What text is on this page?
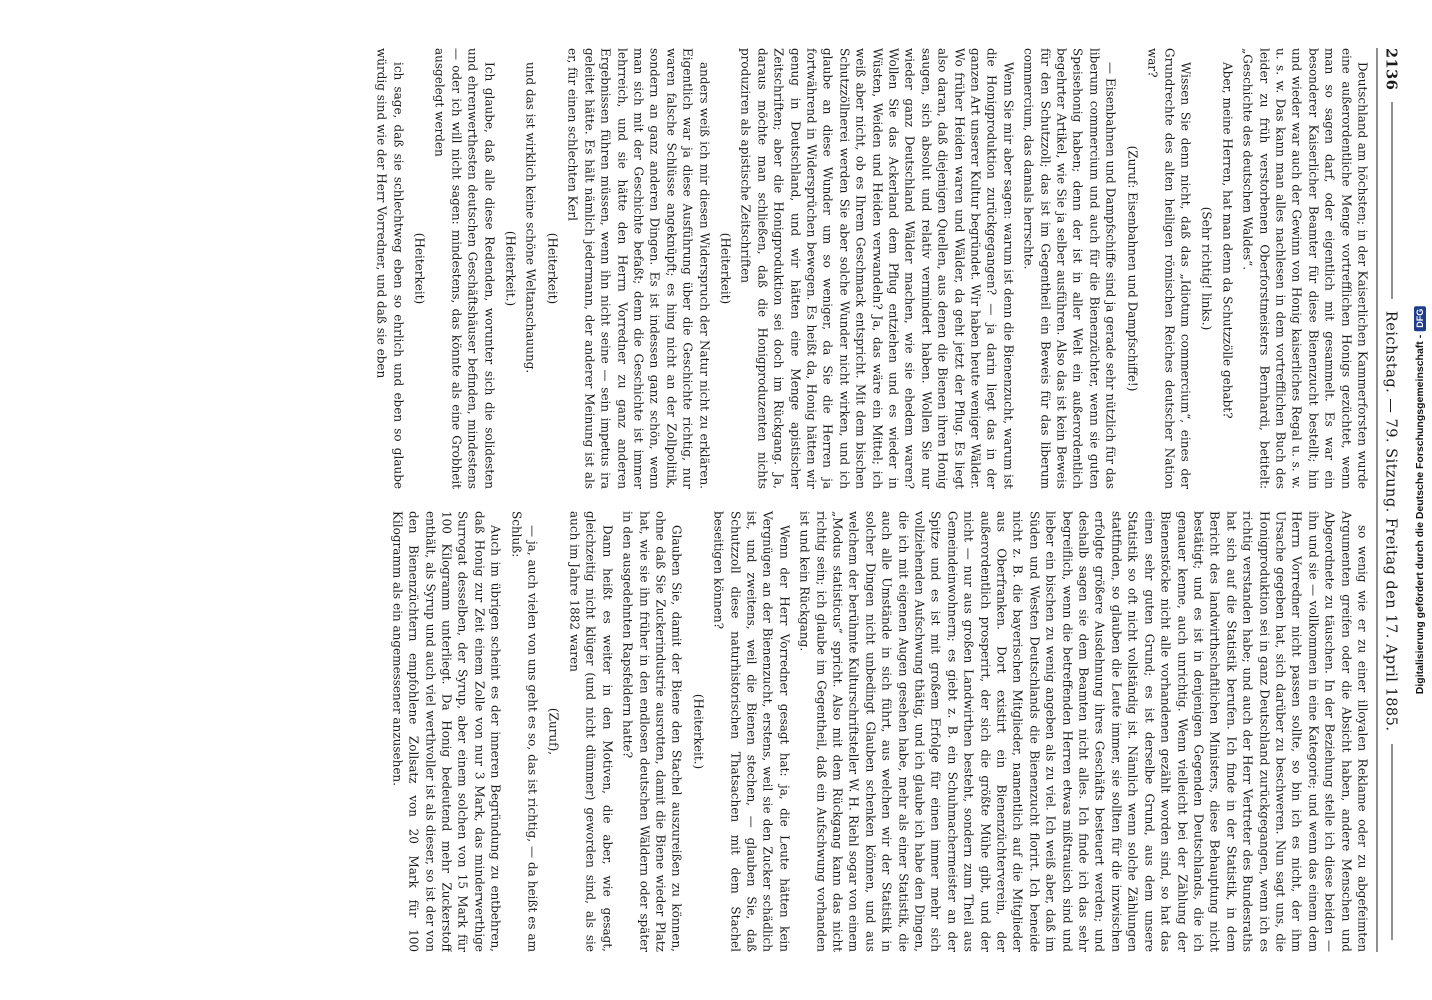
2136
Reichstag. — 79. Sitzung. Freitag den 17. April 1885.

Deutschland am höchsten; in der Kaiserlichen Kammerforsten wurde eine außerordentliche Menge vortrefflichen Honigs gezüchtet, wenn man so sagen darf, oder eigentlich mit gesammelt. Es war ein besonderer Kaiserlicher Beamter für diese Bienenzucht bestellt; hin und wieder war auch der Gewinn von Honig kaiserliches Regal u. s. w. u. s. w. Das kann man alles nachlesen in dem vortrefflichen Buch des leider zu früh verstorbenen Oberforstmeisters Bernhardi, betitelt: „Geschichte des deutschen Waldes“.

Aber, meine Herren, hat man denn da Schutzzölle gehabt?

(Sehr richtig! links.)

Wissen Sie denn nicht, daß das „Idiotum commercium“, eines der Grundrechte des alten heiligen römischen Reiches deutscher Nation war?

(Zuruf: Eisenbahnen und Dampfschiffe!)

— Eisenbahnen und Dampfschiffe sind ja gerade sehr nützlich für das liberum commercium und auch für die Bienenzüchter, wenn sie guten Speisehonig haben; denn der ist in aller Welt ein außerordentlich begehrter Artikel, wie Sie ja selber ausführen. Also das ist kein Beweis für den Schutzzoll; das ist im Gegentheil ein Beweis für das liberum commercium, das damals herrschte.

Wenn Sie mir aber sagen: warum ist denn die Bienenzucht, warum ist die Honigproduktion zurückgegangen? — ja darin liegt das in der ganzen Art unserer Kultur begründet. Wir haben heute weniger Wälder. Wo früher Heiden waren und Wälder, da geht jetzt der Pflug. Es liegt also daran, daß diejenigen Quellen, aus denen die Bienen ihren Honig saugen, sich absolut und relativ vermindert haben. Wollen Sie nur wieder ganz Deutschland Wälder machen, wie sie ehedem waren? Wollen Sie das Ackerland dem Pflug entziehen und es wieder in Wüsten, Weiden und Heiden verwandeln? Ja, das wäre ein Mittel; ich weiß aber nicht, ob es Ihrem Geschmack entspricht. Mit dem bischen Schutzzöllnerei werden Sie aber solche Wunder nicht wirken, und ich glaube an diese Wunder um so weniger, da Sie die Herren ja fortwährend in Widersprüchen bewegen. Es heißt da, Honig hätten wir genug in Deutschland, und wir hätten eine Menge apistischer Zeitschriften; aber die Honigproduktion sei doch im Rückgang. Ja, daraus möchte man schließen, daß die Honigproduzenten nichts produziren als apistische Zeitschriften

(Heiterkeit)

anders weiß ich mir diesen Widerspruch der Natur nicht zu erklären. Eigentlich war ja diese Ausführung über die Geschichte richtig, nur waren falsche Schlüsse angeknüpft; es hing nicht an der Zollpolitik, sondern an ganz anderen Dingen. Es ist indessen ganz schön, wenn man sich mit der Geschichte befaßt; denn die Geschichte ist immer lehrreich, und sie hätte den Herrn Vorredner zu ganz anderen Ergebnissen führen müssen, wenn ihn nicht seine — sein impetus ira geleitet hätte. Es hält nämlich jedermann, der anderer Meinung ist als er, für einen schlechten Kerl

(Heiterkeit)

und das ist wirklich keine schöne Weltanschauung.

(Heiterkeit.)

Ich glaube, daß alle diese Redenden, worunter sich die solidesten und ehrenwerthesten deutschen Geschäftshäuser befinden, mindestens — oder ich will nicht sagen: mindestens, das könnte als eine Grobheit ausgelegt werden

(Heiterkeit)

ich sage, daß sie schlechtweg eben so ehrlich und eben so glaube würdig sind wie der Herr Vorredner, und daß sie eben

so wenig wie er zu einer illoyalen Reklame oder zu abgefeimten Argumenten greifen oder die Absicht haben, andere Menschen und Abgeordnete zu täuschen. In der Beziehung stelle ich diese beiden — ihn und sie — vollkommen in eine Kategorie; und wenn das einem dem Herrn Vorredner nicht passen sollte, so bin ich es nicht, der ihm Ursache gegeben hat, sich darüber zu beschweren. Nun sagt uns, die Honigproduktion sei in ganz Deutschland zurückgegangen, wenn ich es richtig verstanden habe; und auch der Herr Vertreter des Bundesraths hat sich auf die Statistik berufen. Ich finde in der Statistik, in dem Bericht des landwirthschaftlichen Ministers, diese Behauptung nicht bestätigt; und es ist in denjenigen Gegenden Deutschlands, die ich genauer kenne, auch unrichtig. Wenn vielleicht bei der Zählung der Bienenstöcke nicht alle vorhandenen gezählt worden sind, so hat das einen sehr guten Grund; es ist derselbe Grund, aus dem unsere Statistik so oft nicht vollständig ist. Nämlich wenn solche Zählungen stattfinden, so glauben die Leute immer, sie sollten für die inzwischen erfolgte größere Ausdehnung ihres Geschäfts besteuert werden; und deshalb sagen sie dem Beamten nicht alles. Ich finde ich das sehr begreiflich, wenn die betreffenden Herren etwas mißtrauisch sind und lieber ein bischen zu wenig angeben als zu viel. Ich weiß aber, daß im Süden und Westen Deutschlands die Bienenzucht florirt. Ich beneide nicht z. B. die bayerischen Mitglieder, namentlich auf die Mitglieder aus Oberfranken. Dort existirt ein Bienenzüchterverein, der außerordentlich prosperirt, der sich die größte Mühe gibt, und der nicht — nur aus großen Landwirthen besteht, sondern zum Theil aus Gemeindeinwohnern; es giebt z. B. ein Schuhmachermeister an der Spitze und es ist mit großem Erfolge für einen immer mehr sich vollziehenden Aufschwung thätig, und ich glaube ich habe den Dingen, die ich mit eigenen Augen gesehen habe, mehr als einer Statistik, die auch alle Umstände in sich führt, aus welchen wir der Statistik in solcher Dingen nicht unbedingt Glauben schenken können, und aus welchem der berühmte Kulturschriftsteller W. H. Riehl sogar von einem „Modus statisticus“ spricht. Also mit dem Rückgang kann das nicht richtig sein; ich glaube im Gegentheil, daß ein Aufschwung vorhanden ist und kein Rückgang.

Wenn der Herr Vorredner gesagt hat: ja, die Leute hätten kein Vergnügen an der Bienenzucht, erstens, weil sie den Zucker schädlich ist, und zweitens, weil die Bienen stechen, — glauben Sie, daß Schutzzoll diese naturhistorischen Thatsachen mit dem Stachel beseitigen können?

(Heiterkeit.)

Glauben Sie, damit der Biene den Stachel auszureißen zu können, ohne daß Sie Zuckerindustrie ausrotten, damit die Biene wieder Platz hat, wie sie ihn früher in den endlosen deutschen Wäldern oder später in den ausgedehnten Rapsfeldern hatte?

Dann heißt es weiter in den Motiven, die aber, wie gesagt, gleichzeitig nicht klüger (und nicht dümmer) geworden sind, als sie auch im Jahre 1882 waren

(Zuruf),

— ja, auch vielen von uns geht es so, das ist richtig, — da heißt es am Schluß:

Auch im übrigen scheint es der inneren Begründung zu entbehren, daß Honig zur Zeit einem Zolle von nur 3 Mark, das minderwerthige Surrogat desselben, der Syrup, aber einem solchen von 15 Mark für 100 Kilogramm unterliegt. Da Honig bedeutend mehr Zuckerstoff enthält, als Syrup und auch viel werthvoller ist als dieser, so ist der von den Bienenzüchtern empfohlene Zollsatz von 20 Mark für 100 Kilogramm als ein angemessener anzusehen.	Digitalisierung gefördert durch die Deutsche Forschungsgemeinschaft -
DFG
